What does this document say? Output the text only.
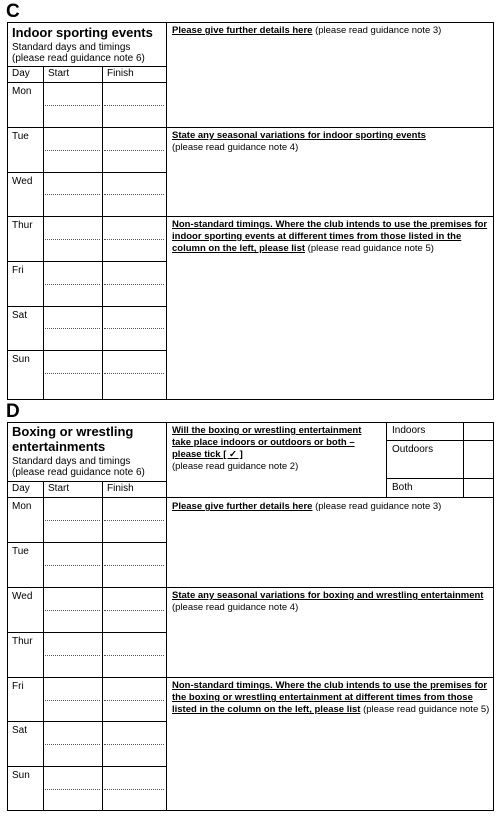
C
Indoor sporting events
Standard days and timings
(please read guidance note 6)
Day Start	Finish
Mon
Tue
Wed
Thur
Fri
Sat
Sun
Please give further details here (please read guidance note 3)
State any seasonal variations for indoor sporting events
(please read guidance note 4)
Non-standard timings. Where the club intends to use the premises for indoor sporting events at different times from those listed in the column on the left, please list (please read guidance note 5)
D
Boxing or wrestling
entertainments
Standard days and timings
(please read guidance note 6)
Day Start	Finish
Mon
Tue
Wed
Thur
Fri
Sat
Sun
Will the boxing or wrestling entertainment take place indoors or outdoors or both – please tick [ ✓ ]
(please read guidance note 2)
Indoors
Outdoors
Both
Please give further details here (please read guidance note 3)
State any seasonal variations for boxing and wrestling entertainment (please read guidance note 4)
Non-standard timings. Where the club intends to use the premises for the boxing or wrestling entertainment at different times from those listed in the column on the left, please list (please read guidance note 5)
